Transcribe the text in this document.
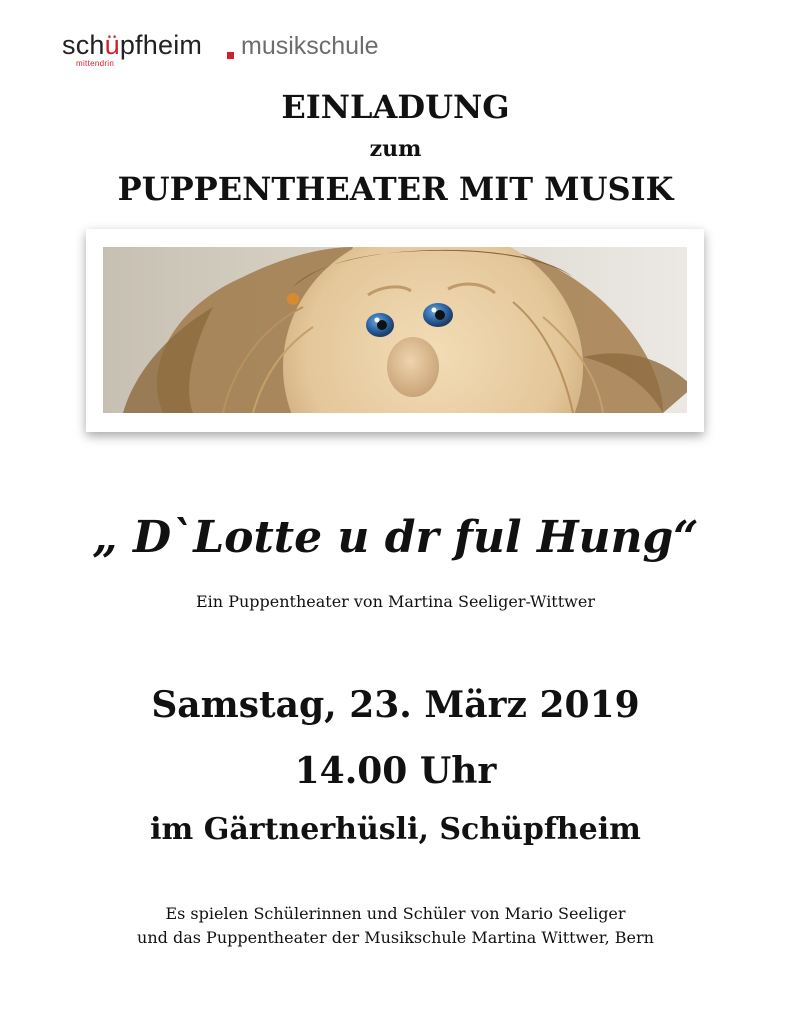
schüpfheim musikschule
mittendrin
EINLADUNG
zum
PUPPENTHEATER MIT MUSIK
„ D`Lotte u dr ful Hung“
Ein Puppentheater von Martina Seeliger-Wittwer
Samstag, 23. März 2019
14.00 Uhr
im Gärtnerhüsli, Schüpfheim
Es spielen Schülerinnen und Schüler von Mario Seeliger
und das Puppentheater der Musikschule Martina Wittwer, Bern
